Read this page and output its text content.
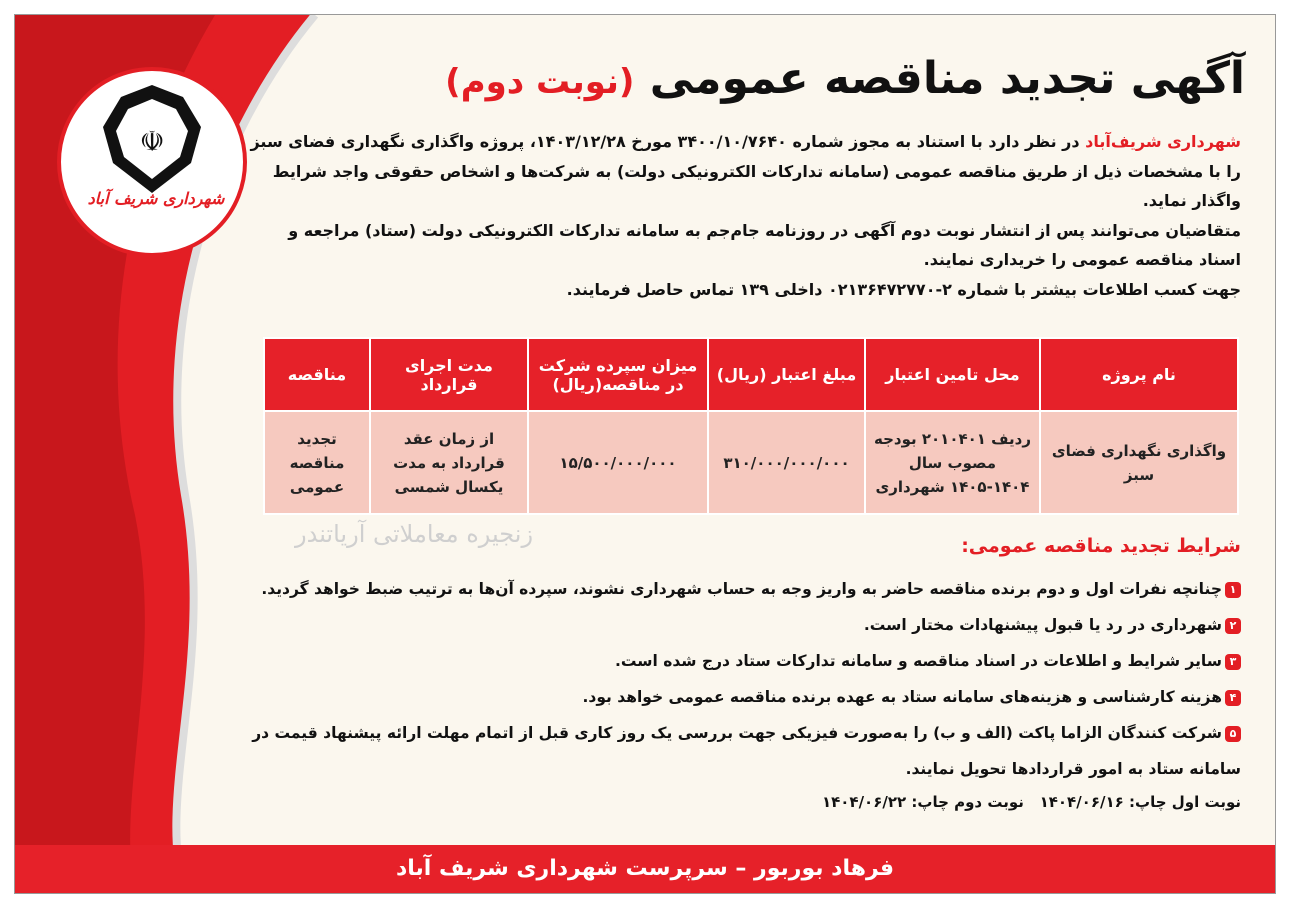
☫
شهرداری شریف آباد
آگهی تجدید مناقصه عمومی (نوبت دوم)

شهرداری شریف‌آباد در نظر دارد با استناد به مجوز شماره ۳۴۰۰/۱۰/۷۶۴۰ مورخ ۱۴۰۳/۱۲/۲۸، پروژه واگذاری نگهداری فضای سبز را با مشخصات ذیل از طریق مناقصه عمومی (سامانه تدارکات الکترونیکی دولت) به شرکت‌ها و اشخاص حقوقی واجد شرایط واگذار نماید.

متقاضیان می‌توانند پس از انتشار نوبت دوم آگهی در روزنامه جام‌جم به سامانه تدارکات الکترونیکی دولت (ستاد) مراجعه و اسناد مناقصه عمومی را خریداری نمایند.

جهت کسب اطلاعات بیشتر با شماره ۲-۰۲۱۳۶۴۷۲۷۷۰ داخلی ۱۳۹ تماس حاصل فرمایند.

نام پروژه	محل تامین اعتبار	مبلغ اعتبار (ریال)	میزان سپرده شرکت در مناقصه(ریال)	مدت اجرای قرارداد	مناقصه
واگذاری نگهداری فضای سبز	ردیف ۲۰۱۰۴۰۱ بودجه مصوب سال ۱۴۰۴-۱۴۰۵ شهرداری	۳۱۰/۰۰۰/۰۰۰/۰۰۰	۱۵/۵۰۰/۰۰۰/۰۰۰	از زمان عقد قرارداد به مدت یکسال شمسی	تجدید مناقصه عمومی
زنجیره معاملاتی آریاتندر	شرایط تجدید مناقصه عمومی:
۱چنانچه نفرات اول و دوم برنده مناقصه حاضر به واریز وجه به حساب شهرداری نشوند، سپرده آن‌ها به ترتیب ضبط خواهد گردید.
۲شهرداری در رد یا قبول پیشنهادات مختار است.
۳سایر شرایط و اطلاعات در اسناد مناقصه و سامانه تدارکات ستاد درج شده است.
۴هزینه کارشناسی و هزینه‌های سامانه ستاد به عهده برنده مناقصه عمومی خواهد بود.
۵شرکت کنندگان الزاما پاکت (الف و ب) را به‌صورت فیزیکی جهت بررسی یک روز کاری قبل از اتمام مهلت ارائه پیشنهاد قیمت در سامانه ستاد به امور قراردادها تحویل نمایند.
نوبت اول چاپ: ۱۴۰۴/۰۶/۱۶   نوبت دوم چاپ: ۱۴۰۴/۰۶/۲۲
فرهاد بوربور – سرپرست شهرداری شریف آباد
